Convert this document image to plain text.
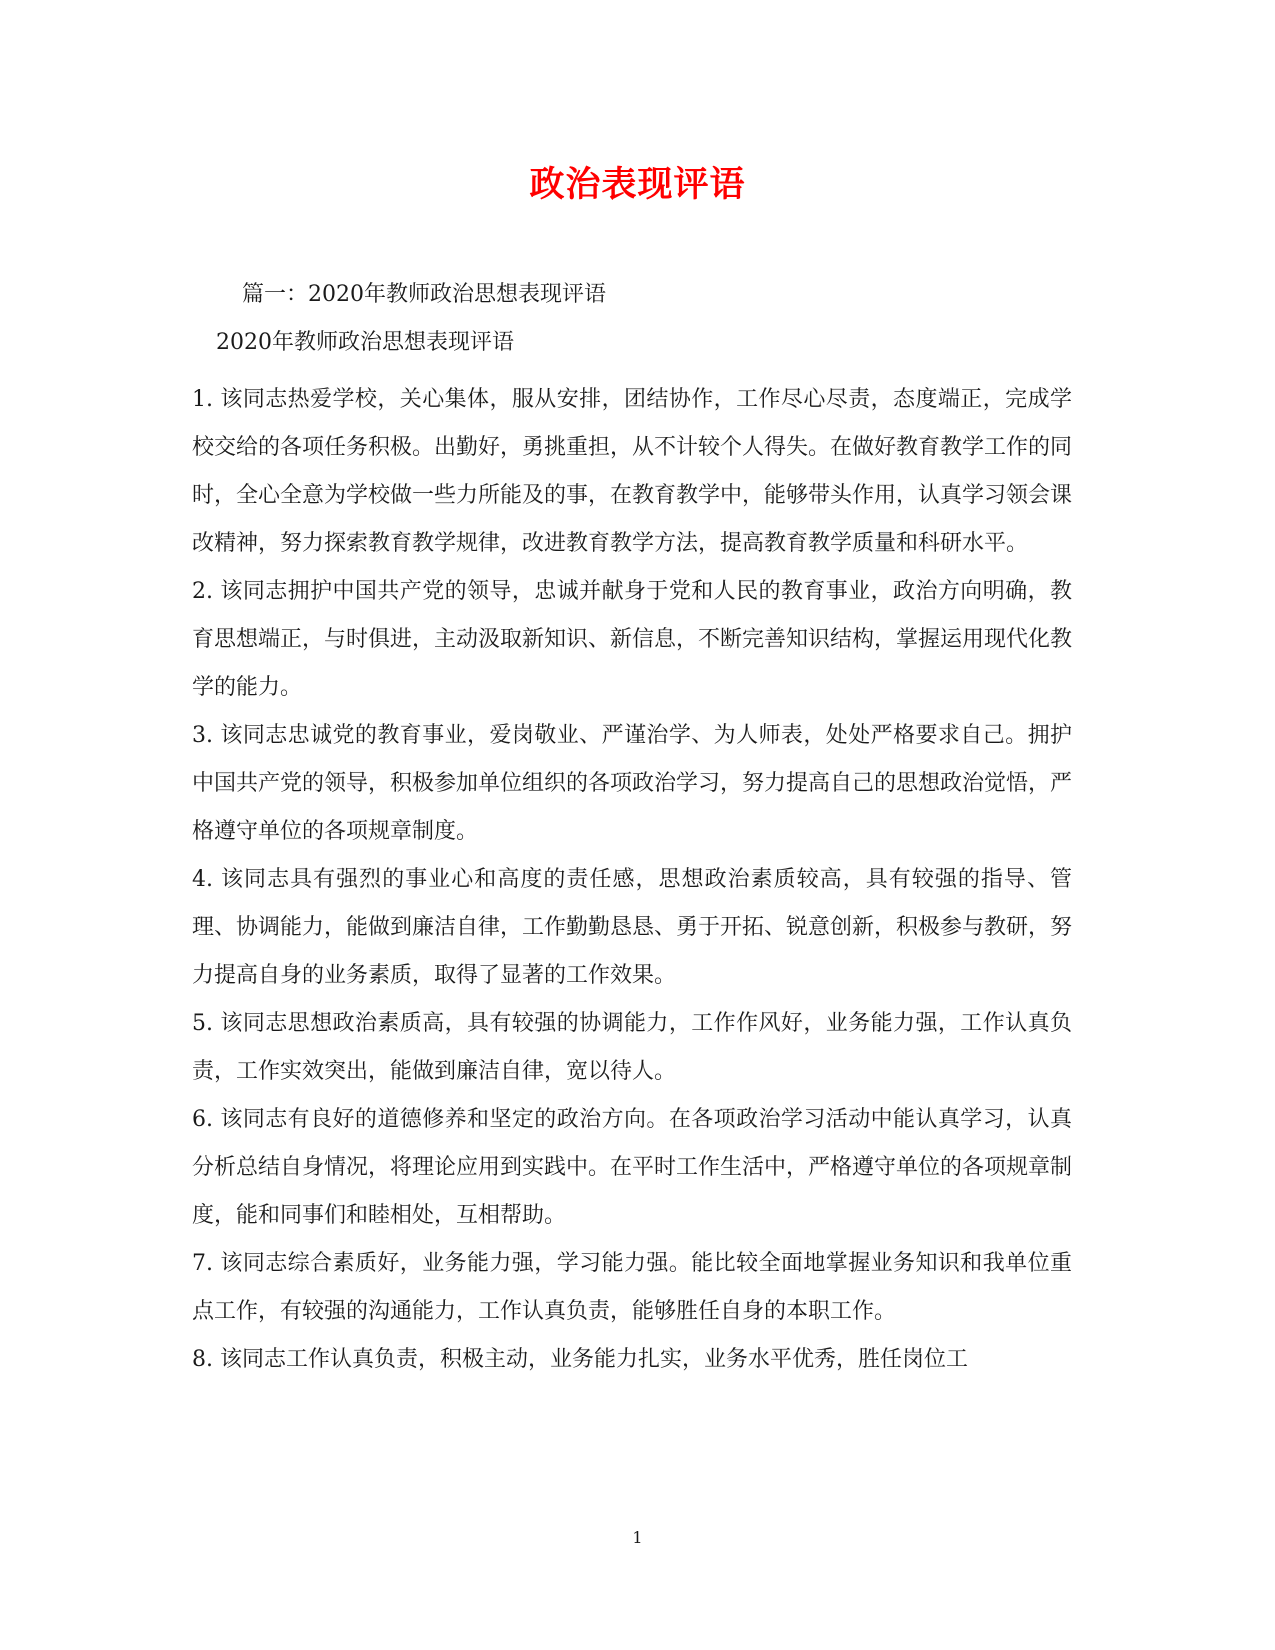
政治表现评语

篇一：2020年教师政治思想表现评语

2020年教师政治思想表现评语

1. 该同志热爱学校，关心集体，服从安排，团结协作，工作尽心尽责，态度端正，完成学校交给的各项任务积极。出勤好，勇挑重担，从不计较个人得失。在做好教育教学工作的同时，全心全意为学校做一些力所能及的事，在教育教学中，能够带头作用，认真学习领会课改精神，努力探索教育教学规律，改进教育教学方法，提高教育教学质量和科研水平。

2. 该同志拥护中国共产党的领导，忠诚并献身于党和人民的教育事业，政治方向明确，教育思想端正，与时俱进，主动汲取新知识、新信息，不断完善知识结构，掌握运用现代化教学的能力。

3. 该同志忠诚党的教育事业，爱岗敬业、严谨治学、为人师表，处处严格要求自己。拥护中国共产党的领导，积极参加单位组织的各项政治学习，努力提高自己的思想政治觉悟，严格遵守单位的各项规章制度。

4. 该同志具有强烈的事业心和高度的责任感，思想政治素质较高，具有较强的指导、管理、协调能力，能做到廉洁自律，工作勤勤恳恳、勇于开拓、锐意创新，积极参与教研，努力提高自身的业务素质，取得了显著的工作效果。

5. 该同志思想政治素质高，具有较强的协调能力，工作作风好，业务能力强，工作认真负责，工作实效突出，能做到廉洁自律，宽以待人。

6. 该同志有良好的道德修养和坚定的政治方向。在各项政治学习活动中能认真学习，认真分析总结自身情况，将理论应用到实践中。在平时工作生活中，严格遵守单位的各项规章制度，能和同事们和睦相处，互相帮助。

7. 该同志综合素质好，业务能力强，学习能力强。能比较全面地掌握业务知识和我单位重点工作，有较强的沟通能力，工作认真负责，能够胜任自身的本职工作。

8. 该同志工作认真负责，积极主动，业务能力扎实，业务水平优秀，胜任岗位工

1
